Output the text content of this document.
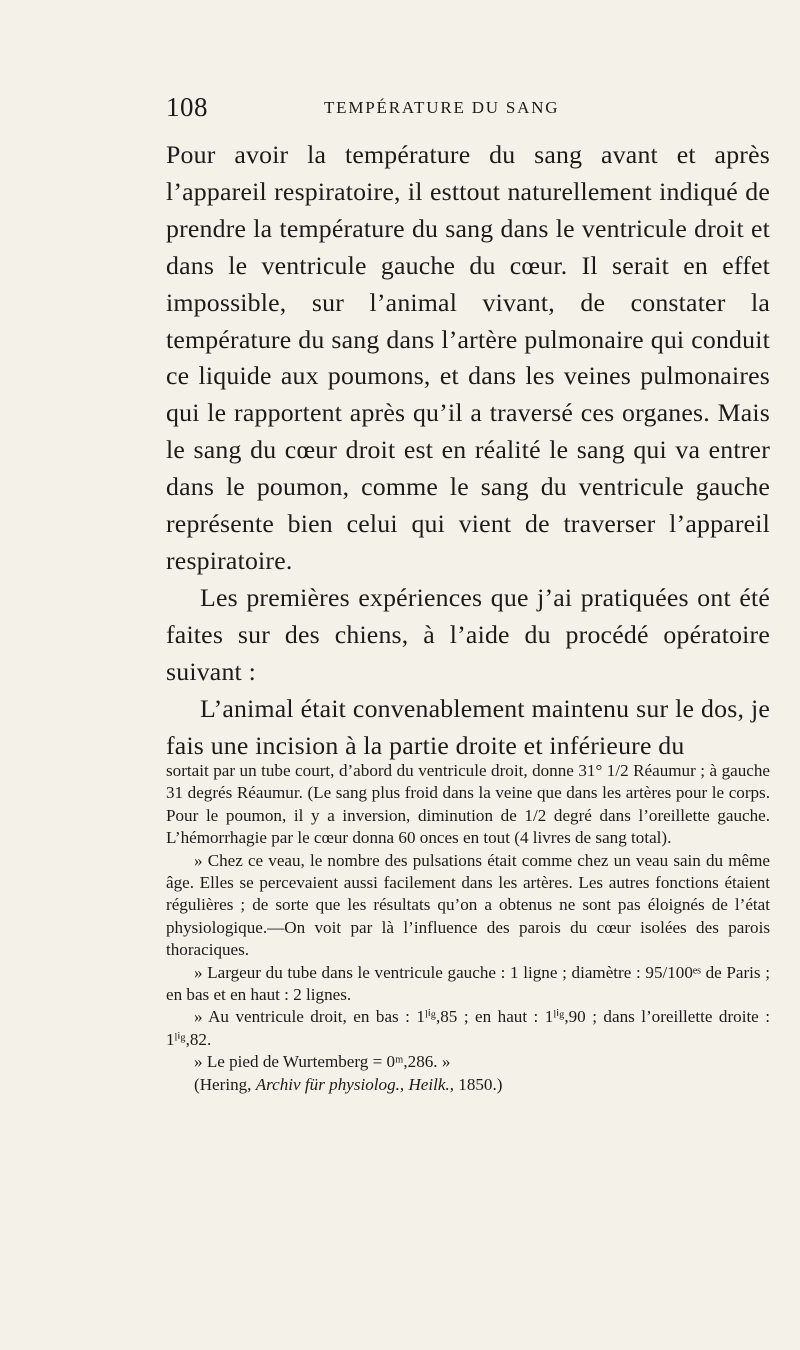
108	TEMPÉRATURE DU SANG

Pour avoir la température du sang avant et après l’appareil respiratoire, il esttout naturellement indiqué de prendre la température du sang dans le ventricule droit et dans le ventricule gauche du cœur. Il serait en effet impossible, sur l’animal vivant, de constater la température du sang dans l’artère pulmonaire qui conduit ce liquide aux poumons, et dans les veines pulmonaires qui le rapportent après qu’il a traversé ces organes. Mais le sang du cœur droit est en réalité le sang qui va entrer dans le poumon, comme le sang du ventricule gauche représente bien celui qui vient de traverser l’appareil respiratoire.

Les premières expériences que j’ai pratiquées ont été faites sur des chiens, à l’aide du procédé opératoire suivant :

L’animal était convenablement maintenu sur le dos, je fais une incision à la partie droite et inférieure du

sortait par un tube court, d’abord du ventricule droit, donne 31° 1/2 Réaumur ; à gauche 31 degrés Réaumur. (Le sang plus froid dans la veine que dans les artères pour le corps. Pour le poumon, il y a inversion, diminution de 1/2 degré dans l’oreillette gauche. L’hémorrhagie par le cœur donna 60 onces en tout (4 livres de sang total).

» Chez ce veau, le nombre des pulsations était comme chez un veau sain du même âge. Elles se percevaient aussi facilement dans les artères. Les autres fonctions étaient régulières ; de sorte que les résultats qu’on a obtenus ne sont pas éloignés de l’état physiologique.—On voit par là l’influence des parois du cœur isolées des parois thoraciques.

» Largeur du tube dans le ventricule gauche : 1 ligne ; diamètre : 95/100ᵉˢ de Paris ; en bas et en haut : 2 lignes.

» Au ventricule droit, en bas : 1ˡⁱᵍ,85 ; en haut : 1ˡⁱᵍ,90 ; dans l’oreillette droite : 1ˡⁱᵍ,82.

» Le pied de Wurtemberg = 0ᵐ,286. »

(Hering, Archiv für physiolog., Heilk., 1850.)
